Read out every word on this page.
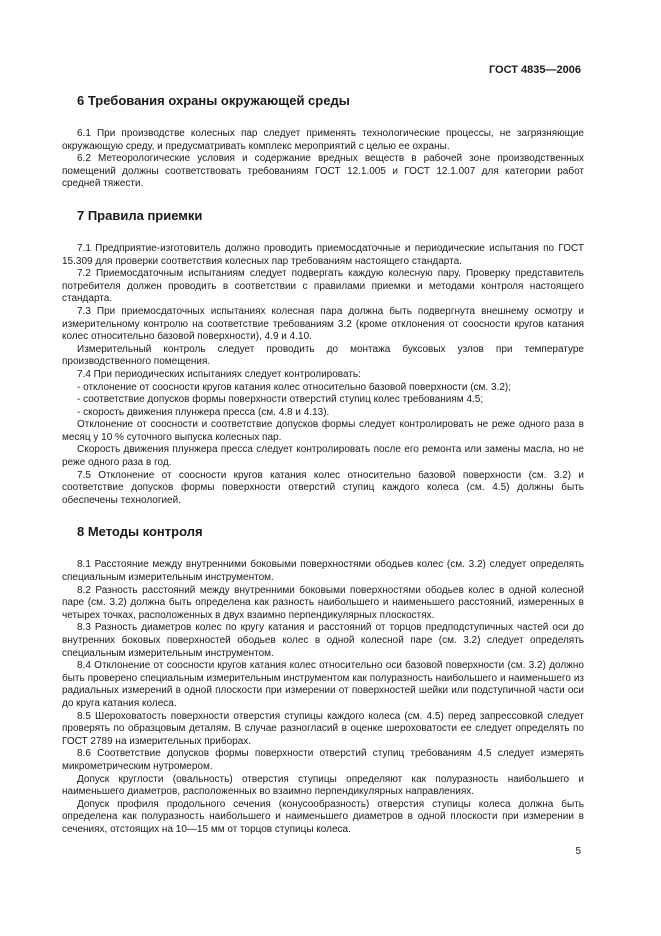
ГОСТ 4835—2006
6 Требования охраны окружающей среды

6.1 При производстве колесных пар следует применять технологические процессы, не загрязняющие окружающую среду, и предусматривать комплекс мероприятий с целью ее охраны.

6.2 Метеорологические условия и содержание вредных веществ в рабочей зоне производственных помещений должны соответствовать требованиям ГОСТ 12.1.005 и ГОСТ 12.1.007 для категории работ средней тяжести.

7 Правила приемки

7.1 Предприятие-изготовитель должно проводить приемосдаточные и периодические испытания по ГОСТ 15.309 для проверки соответствия колесных пар требованиям настоящего стандарта.

7.2 Приемосдаточным испытаниям следует подвергать каждую колесную пару. Проверку представитель потребителя должен проводить в соответствии с правилами приемки и методами контроля настоящего стандарта.

7.3 При приемосдаточных испытаниях колесная пара должна быть подвергнута внешнему осмотру и измерительному контролю на соответствие требованиям 3.2 (кроме отклонения от соосности кругов катания колес относительно базовой поверхности), 4.9 и 4.10.

Измерительный контроль следует проводить до монтажа буксовых узлов при температуре производственного помещения.

7.4 При периодических испытаниях следует контролировать:

- отклонение от соосности кругов катания колес относительно базовой поверхности (см. 3.2);

- соответствие допусков формы поверхности отверстий ступиц колес требованиям 4.5;

- скорость движения плунжера пресса (см. 4.8 и 4.13).

Отклонение от соосности и соответствие допусков формы следует контролировать не реже одного раза в месяц у 10 % суточного выпуска колесных пар.

Скорость движения плунжера пресса следует контролировать после его ремонта или замены масла, но не реже одного раза в год.

7.5 Отклонение от соосности кругов катания колес относительно базовой поверхности (см. 3.2) и соответствие допусков формы поверхности отверстий ступиц каждого колеса (см. 4.5) должны быть обеспечены технологией.

8 Методы контроля

8.1 Расстояние между внутренними боковыми поверхностями ободьев колес (см. 3.2) следует определять специальным измерительным инструментом.

8.2 Разность расстояний между внутренними боковыми поверхностями ободьев колес в одной колесной паре (см. 3.2) должна быть определена как разность наибольшего и наименьшего расстояний, измеренных в четырех точках, расположенных в двух взаимно перпендикулярных плоскостях.

8.3 Разность диаметров колес по кругу катания и расстояний от торцов предподступичных частей оси до внутренних боковых поверхностей ободьев колес в одной колесной паре (см. 3.2) следует определять специальным измерительным инструментом.

8.4 Отклонение от соосности кругов катания колес относительно оси базовой поверхности (см. 3.2) должно быть проверено специальным измерительным инструментом как полуразность наибольшего и наименьшего из радиальных измерений в одной плоскости при измерении от поверхностей шейки или подступичной части оси до круга катания колеса.

8.5 Шероховатость поверхности отверстия ступицы каждого колеса (см. 4.5) перед запрессовкой следует проверять по образцовым деталям. В случае разногласий в оценке шероховатости ее следует определять по ГОСТ 2789 на измерительных приборах.

8.6 Соответствие допусков формы поверхности отверстий ступиц требованиям 4.5 следует измерять микрометрическим нутромером.

Допуск круглости (овальность) отверстия ступицы определяют как полуразность наибольшего и наименьшего диаметров, расположенных во взаимно перпендикулярных направлениях.

Допуск профиля продольного сечения (конусообразность) отверстия ступицы колеса должна быть определена как полуразность наибольшего и наименьшего диаметров в одной плоскости при измерении в сечениях, отстоящих на 10—15 мм от торцов ступицы колеса.

5
